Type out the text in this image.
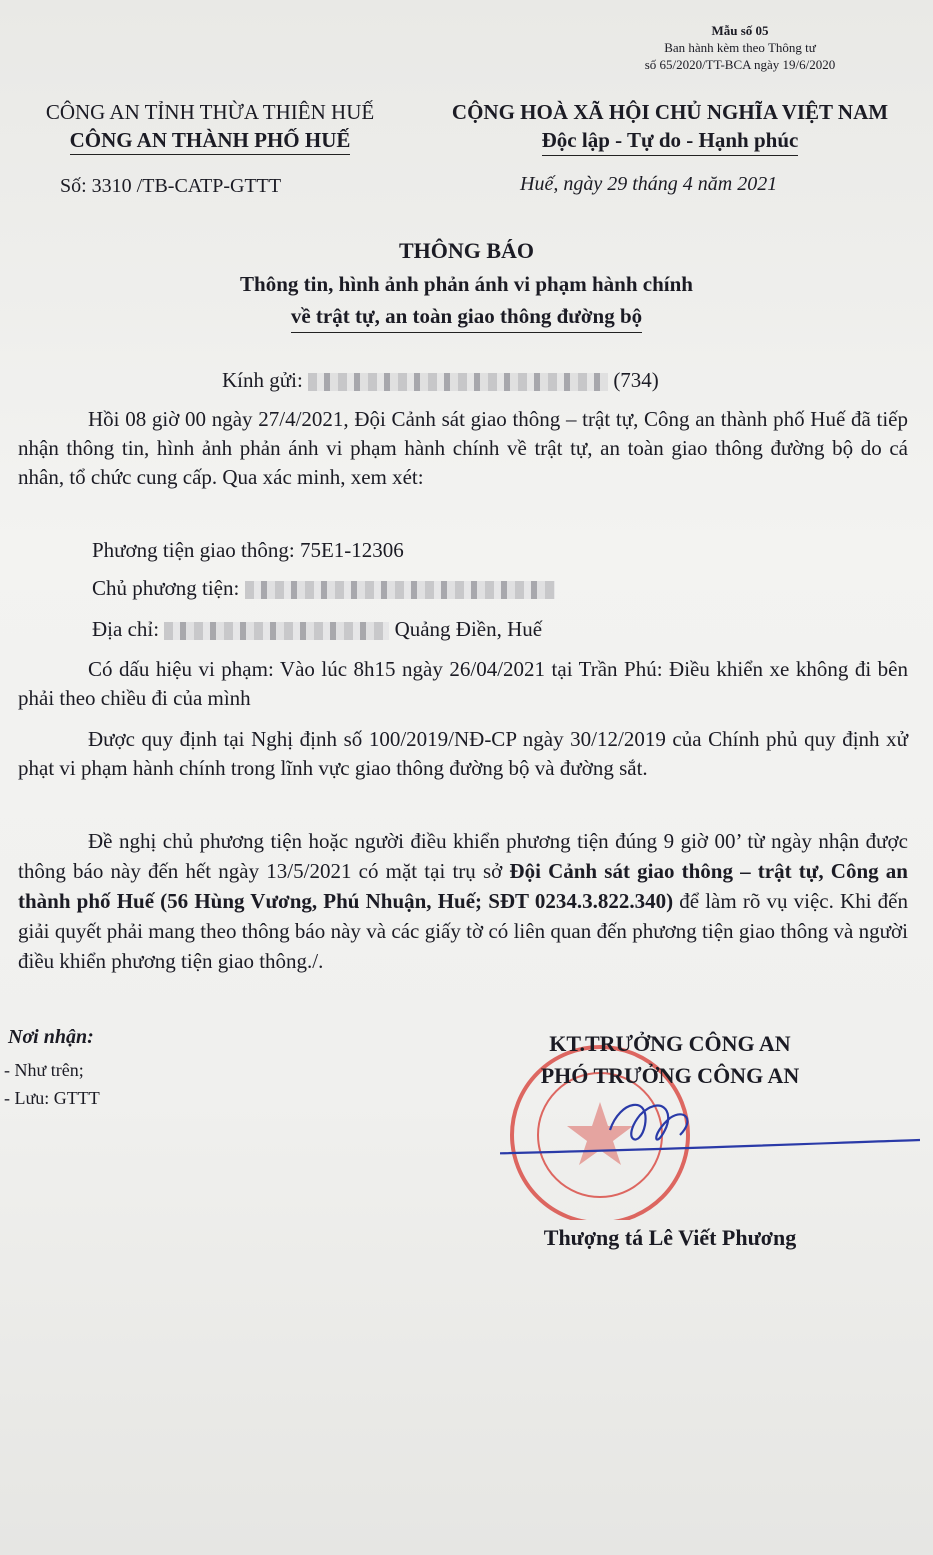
Mẫu số 05
Ban hành kèm theo Thông tư
số 65/2020/TT-BCA ngày 19/6/2020
CÔNG AN TỈNH THỪA THIÊN HUẾ
CÔNG AN THÀNH PHỐ HUẾ
CỘNG HOÀ XÃ HỘI CHỦ NGHĨA VIỆT NAM
Độc lập - Tự do - Hạnh phúc
Số: 3310 /TB-CATP-GTTT	Huế, ngày 29 tháng 4 năm 2021
THÔNG BÁO
Thông tin, hình ảnh phản ánh vi phạm hành chính
về trật tự, an toàn giao thông đường bộ
Kính gửi:	(734)
Hồi 08 giờ 00 ngày 27/4/2021, Đội Cảnh sát giao thông – trật tự, Công an thành phố Huế đã tiếp nhận thông tin, hình ảnh phản ánh vi phạm hành chính về trật tự, an toàn giao thông đường bộ do cá nhân, tổ chức cung cấp. Qua xác minh, xem xét:
Phương tiện giao thông: 75E1-12306
Chủ phương tiện:
Địa chỉ:	Quảng Điền, Huế
Có dấu hiệu vi phạm: Vào lúc 8h15 ngày 26/04/2021 tại Trần Phú: Điều khiển xe không đi bên phải theo chiều đi của mình
Được quy định tại Nghị định số 100/2019/NĐ-CP ngày 30/12/2019 của Chính phủ quy định xử phạt vi phạm hành chính trong lĩnh vực giao thông đường bộ và đường sắt.
Đề nghị chủ phương tiện hoặc người điều khiển phương tiện đúng 9 giờ 00’ từ ngày nhận được thông báo này đến hết ngày 13/5/2021 có mặt tại trụ sở Đội Cảnh sát giao thông – trật tự, Công an thành phố Huế (56 Hùng Vương, Phú Nhuận, Huế; SĐT 0234.3.822.340) để làm rõ vụ việc. Khi đến giải quyết phải mang theo thông báo này và các giấy tờ có liên quan đến phương tiện giao thông và người điều khiển phương tiện giao thông./.
Nơi nhận:
- Như trên;
- Lưu: GTTT
KT.TRƯỞNG CÔNG AN
PHÓ TRƯỞNG CÔNG AN
Thượng tá Lê Viết Phương
